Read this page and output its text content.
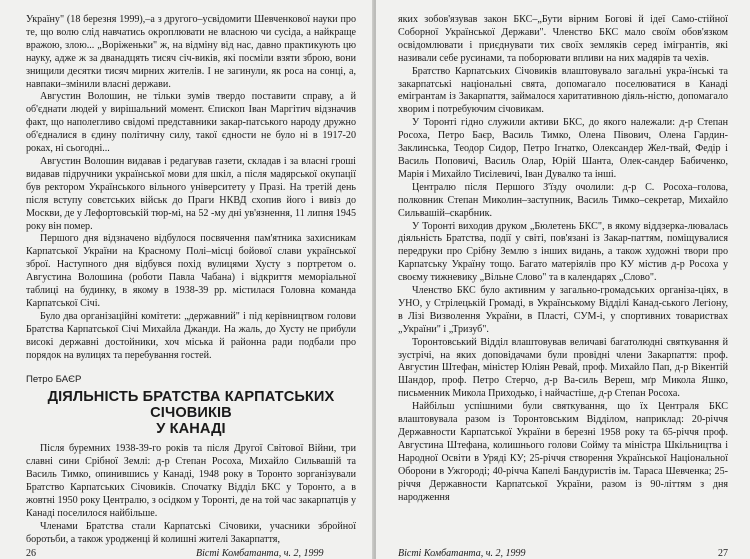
Україну" (18 березня 1999),–а з другого–усвідомити Шевченкової науки про те, що волю слід навчатись окроплювати не власною чи сусіда, а найкраще вражою, злою... „Воріженьки" ж, на відміну від нас, давно практикують цю науку, адже ж за дванадцять тисяч січ-виків, які посміли взяти зброю, вони знищили десятки тисяч мирних жителів. І не загинули, як роса на сонці, а, навпаки–змінили власні держави.

Августин Волошин, не тільки зумів твердо поставити справу, а й об'єднати людей у вирішальний момент. Єпископ Іван Маргітич відзначив факт, що наполегливо свідомі представники закар-патського народу дружно об'єдналися в єдину політичну силу, такої єдности не було ні в 1917-20 роках, ні сьогодні...

Августин Волошин видавав і редагував газети, складав і за власні гроші видавав підручники української мови для шкіл, а після мадярської окупації був ректором Українського вільного університету у Празі. На третій день після вступу совєтських військ до Праги НКВД схопив його і вивіз до Москви, де у Лефортовській тюр-мі, на 52 -му дні ув'язнення, 11 липня 1945 року він помер.

Першого дня відзначено відбулося посвячення пам'ятника захисникам Карпатської України на Красному Полі–місці бойової слави української зброї. Наступного дня відбувся похід вулицями Хусту з портретом о. Августина Волошина (роботи Павла Чабана) і відкриття меморіальної таблиці на будинку, в якому в 1938-39 рр. містилася Головна команда Карпатської Січі.

Було два організаційні комітети: „державний" і під керівництвом голови Братства Карпатської Січі Михайла Джанди. На жаль, до Хусту не прибули високі державні достойники, хоч міська й районна ради подбали про порядок на вулицях та перебування гостей.

Петро БАЄР
ДІЯЛЬНІСТЬ БРАТСТВА КАРПАТСЬКИХ СІЧОВИКІВ
У КАНАДІ

Після буремних 1938-39-го років та після Другої Світової Війни, три славні сини Срібної Землі: д-р Степан Росоха, Михайло Сильвашій та Василь Тимко, опинившись у Канаді, 1948 року в Торонто зорганізували Братство Карпатських Січовиків. Спочатку Відділ БКС у Торонто, а в жовтні 1950 року Централю, з осідком у Торонті, де на той час закарпатців у Канаді поселилося найбільше.

Членами Братства стали Карпатські Січовики, учасники збройної боротьби, а також уродженці й колишні жителі Закарпаття,

26	Вісті Комбатанта, ч. 2, 1999

яких зобов'язував закон БКС–„Бути вірним Богові й ідеї Само-стійної Соборної Української Держави". Членство БКС мало своїм обов'язком освідомлювати і приєднувати тих своїх земляків серед імігрантів, які називали себе русинами, та поборювати впливи на них мадярів та чехів.

Братство Карпатських Січовиків влаштовувало загальні укра-їнські та закарпатські національні свята, допомагало поселюватися в Канаді емігрантам із Закарпаття, займалося харитативною діяль-ністю, допомагало хворим і потребуючим січовикам.

У Торонті гідно служили активи БКС, до якого належали: д-р Степан Росоха, Петро Баєр, Василь Тимко, Олена Півович, Олена Гардин-Заклинська, Теодор Сидор, Петро Ігнатко, Олександер Жел-твай, Федір і Василь Поповичі, Василь Олар, Юрій Шанта, Олек-сандер Бабиченко, Марія і Михайло Тисілевичі, Іван Дувалко та інші.

Централю після Першого З'їзду очолили: д-р С. Росоха–голова, полковник Степан Миколин–заступник, Василь Тимко–секретар, Михайло Сильвашій–скарбник.

У Торонті виходив друком „Бюлетень БКС", в якому віддзерка-лювалась діяльність Братства, події у світі, пов'язані із Закар-паттям, поміщувалися передруки про Срібну Землю з інших видань, а також художні твори про Карпатську Україну тощо. Багато матеріялів про КУ містив д-р Росоха у своєму тижневику „Вільне Слово" та в календарях „Слово".

Членство БКС було активним у загально-громадських організа-ціях, в УНО, у Стрілецькій Громаді, в Українському Відділі Канад-ського Легіону, в Лізі Визволення України, в Пласті, СУМ-і, у спортивних товариствах „України" і „Тризуб".

Торонтовський Відділ влаштовував величаві багатолюдні святкування й зустрічі, на яких доповідачами були провідні члени Закарпаття: проф. Августин Штефан, міністер Юліян Ревай, проф. Михайло Пап, д-р Вікентій Шандор, проф. Петро Стерчо, д-р Ва-силь Вереш, мґр Микола Яшко, письменник Микола Приходько, і найчастіше, д-р Степан Росоха.

Найбільш успішними були святкування, що їх Централя БКС влаштовувала разом із Торонтовським Відділом, наприклад: 20-річчя Державности Карпатської України в березні 1958 року та 65-річчя проф. Августина Штефана, колишнього голови Сойму та міністра Шкільництва і Народної Освіти в Уряді КУ; 25-річчя створення Української Національної Оборони в Ужгороді; 40-річча Капелі Бандуристів ім. Тараса Шевченка; 25-річчя Державности Карпатської України, разом із 90-літтям з дня народження

Вісті Комбатанта, ч. 2, 1999	27
